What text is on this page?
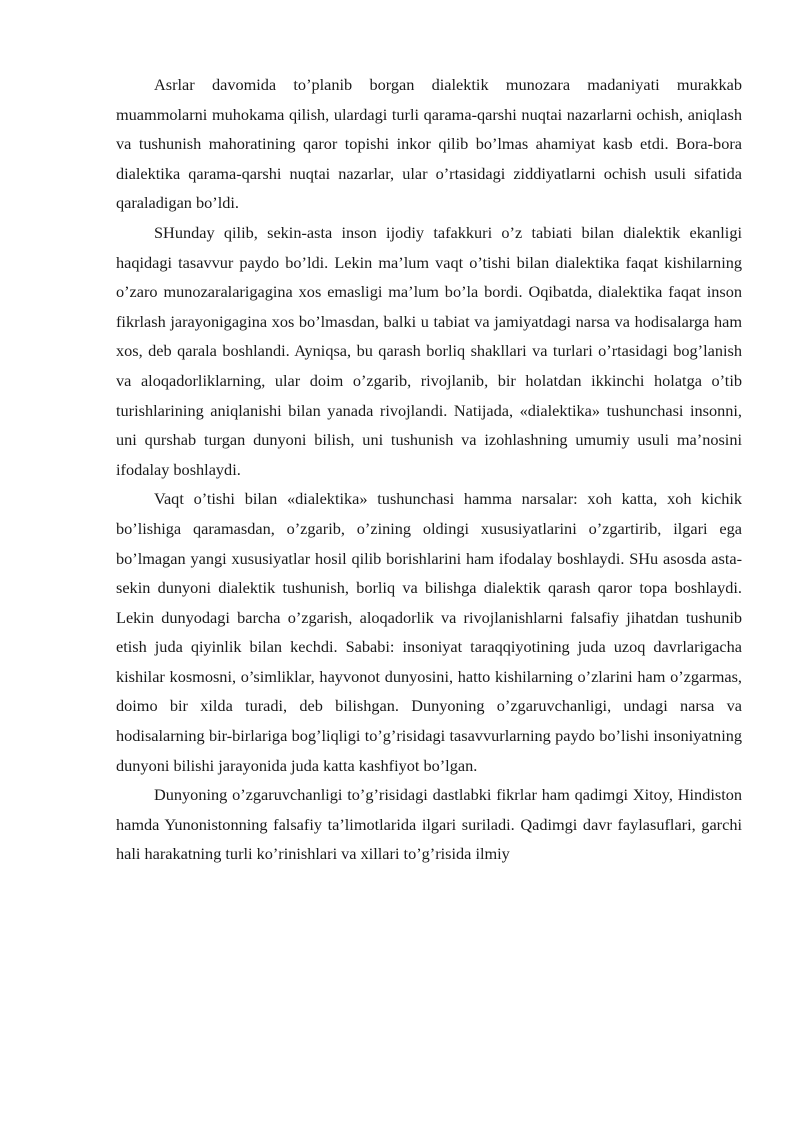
Asrlar davomida to’planib borgan dialektik munozara madaniyati murakkab muammolarni muhokama qilish, ulardagi turli qarama-qarshi nuqtai nazarlarni ochish, aniqlash va tushunish mahoratining qaror topishi inkor qilib bo’lmas ahamiyat kasb etdi. Bora-bora dialektika qarama-qarshi nuqtai nazarlar, ular o’rtasidagi ziddiyatlarni ochish usuli sifatida qaraladigan bo’ldi.

SHunday qilib, sekin-asta inson ijodiy tafakkuri o’z tabiati bilan dialektik ekanligi haqidagi tasavvur paydo bo’ldi. Lekin ma’lum vaqt o’tishi bilan dialektika faqat kishilarning o’zaro munozaralarigagina xos emasligi ma’lum bo’la bordi. Oqibatda, dialektika faqat inson fikrlash jarayonigagina xos bo’lmasdan, balki u tabiat va jamiyatdagi narsa va hodisalarga ham xos, deb qarala boshlandi. Ayniqsa, bu qarash borliq shakllari va turlari o’rtasidagi bog’lanish va aloqadorliklarning, ular doim o’zgarib, rivojlanib, bir holatdan ikkinchi holatga o’tib turishlarining aniqlanishi bilan yanada rivojlandi. Natijada, «dialektika» tushunchasi insonni, uni qurshab turgan dunyoni bilish, uni tushunish va izohlashning umumiy usuli ma’nosini ifodalay boshlaydi.

Vaqt o’tishi bilan «dialektika» tushunchasi hamma narsalar: xoh katta, xoh kichik bo’lishiga qaramasdan, o’zgarib, o’zining oldingi xususiyatlarini o’zgartirib, ilgari ega bo’lmagan yangi xususiyatlar hosil qilib borishlarini ham ifodalay boshlaydi. SHu asosda asta-sekin dunyoni dialektik tushunish, borliq va bilishga dialektik qarash qaror topa boshlaydi. Lekin dunyodagi barcha o’zgarish, aloqadorlik va rivojlanishlarni falsafiy jihatdan tushunib etish juda qiyinlik bilan kechdi. Sababi: insoniyat taraqqiyotining juda uzoq davrlarigacha kishilar kosmosni, o’simliklar, hayvonot dunyosini, hatto kishilarning o’zlarini ham o’zgarmas, doimo bir xilda turadi, deb bilishgan. Dunyoning o’zgaruvchanligi, undagi narsa va hodisalarning bir-birlariga bog’liqligi to’g’risidagi tasavvurlarning paydo bo’lishi insoniyatning dunyoni bilishi jarayonida juda katta kashfiyot bo’lgan.

Dunyoning o’zgaruvchanligi to’g’risidagi dastlabki fikrlar ham qadimgi Xitoy, Hindiston hamda Yunonistonning falsafiy ta’limotlarida ilgari suriladi. Qadimgi davr faylasuflari, garchi hali harakatning turli ko’rinishlari va xillari to’g’risida ilmiy
